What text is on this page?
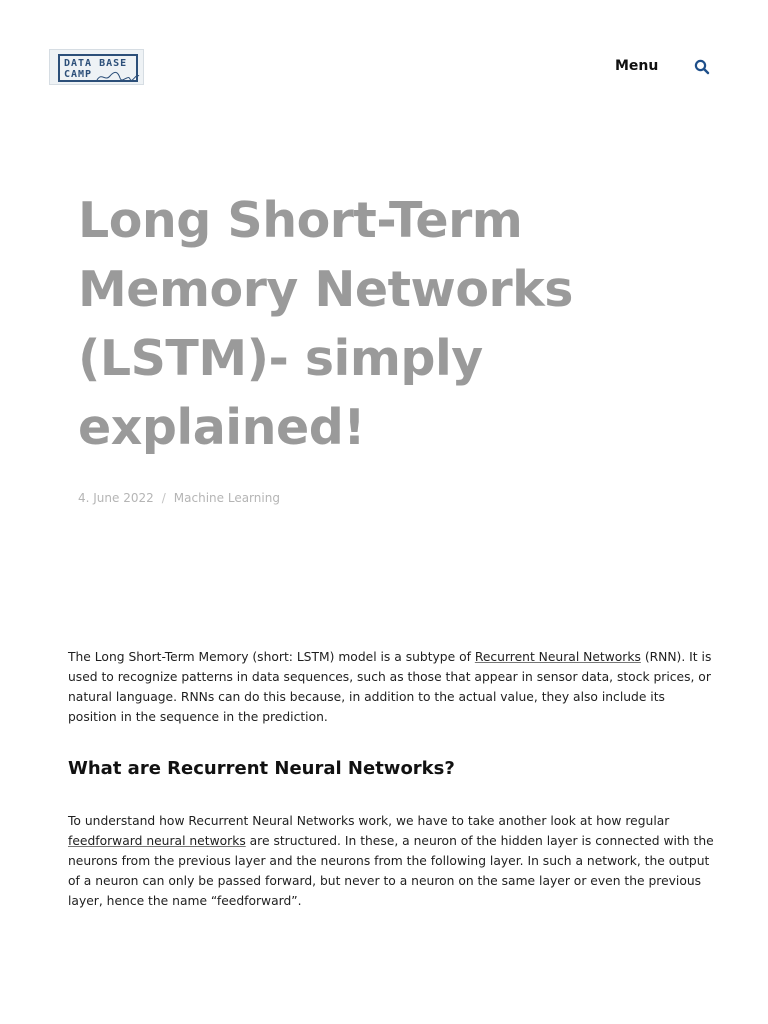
DATA BASE
CAMP
Menu
Long Short-Term Memory Networks (LSTM)- simply explained!
4. June 2022 / Machine Learning

The Long Short-Term Memory (short: LSTM) model is a subtype of Recurrent Neural Networks (RNN). It is used to recognize patterns in data sequences, such as those that appear in sensor data, stock prices, or natural language. RNNs can do this because, in addition to the actual value, they also include its position in the sequence in the prediction.

What are Recurrent Neural Networks?

To understand how Recurrent Neural Networks work, we have to take another look at how regular feedforward neural networks are structured. In these, a neuron of the hidden layer is connected with the neurons from the previous layer and the neurons from the following layer. In such a network, the output of a neuron can only be passed forward, but never to a neuron on the same layer or even the previous layer, hence the name “feedforward”.
